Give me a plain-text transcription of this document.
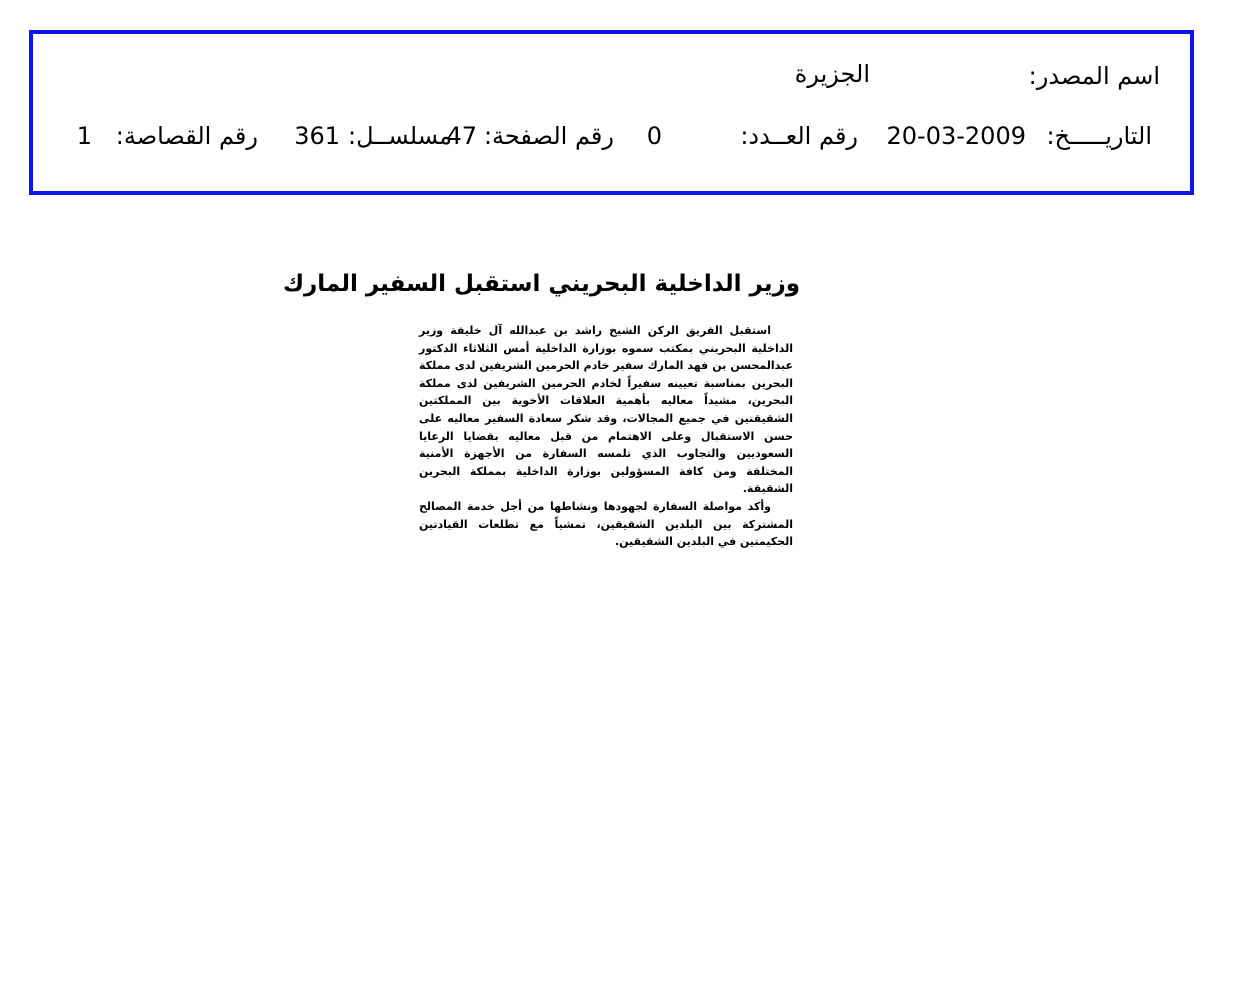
اسم المصدر:
الجزيرة
التاريـــــخ:
20-03-2009
رقم العــدد:
0
رقم الصفحة:
47
مسلســل:
361
رقم القصاصة:
1
وزير الداخلية البحريني استقبل السفير المارك

استقبل الفريق الركن الشيخ راشد بن عبدالله آل خليفة وزير الداخلية البحريني بمكتب سموه بوزارة الداخلية أمس الثلاثاء الدكتور عبدالمحسن بن فهد المارك سفير خادم الحرمين الشريفين لدى مملكة البحرين بمناسبة تعيينه سفيراً لخادم الحرمين الشريفين لدى مملكة البحرين، مشيداً معاليه بأهمية العلاقات الأخوية بين المملكتين الشقيقتين في جميع المجالات، وقد شكر سعادة السفير معاليه على حسن الاستقبال وعلى الاهتمام من قبل معاليه بقضايا الرعايا السعوديين والتجاوب الذي تلمسه السفارة من الأجهزة الأمنية المختلفة ومن كافة المسؤولين بوزارة الداخلية بمملكة البحرين الشقيقة.

وأكد مواصلة السفارة لجهودها ونشاطها من أجل خدمة المصالح المشتركة بين البلدين الشقيقين، تمشياً مع تطلعات القيادتين الحكيمتين في البلدين الشقيقين.
